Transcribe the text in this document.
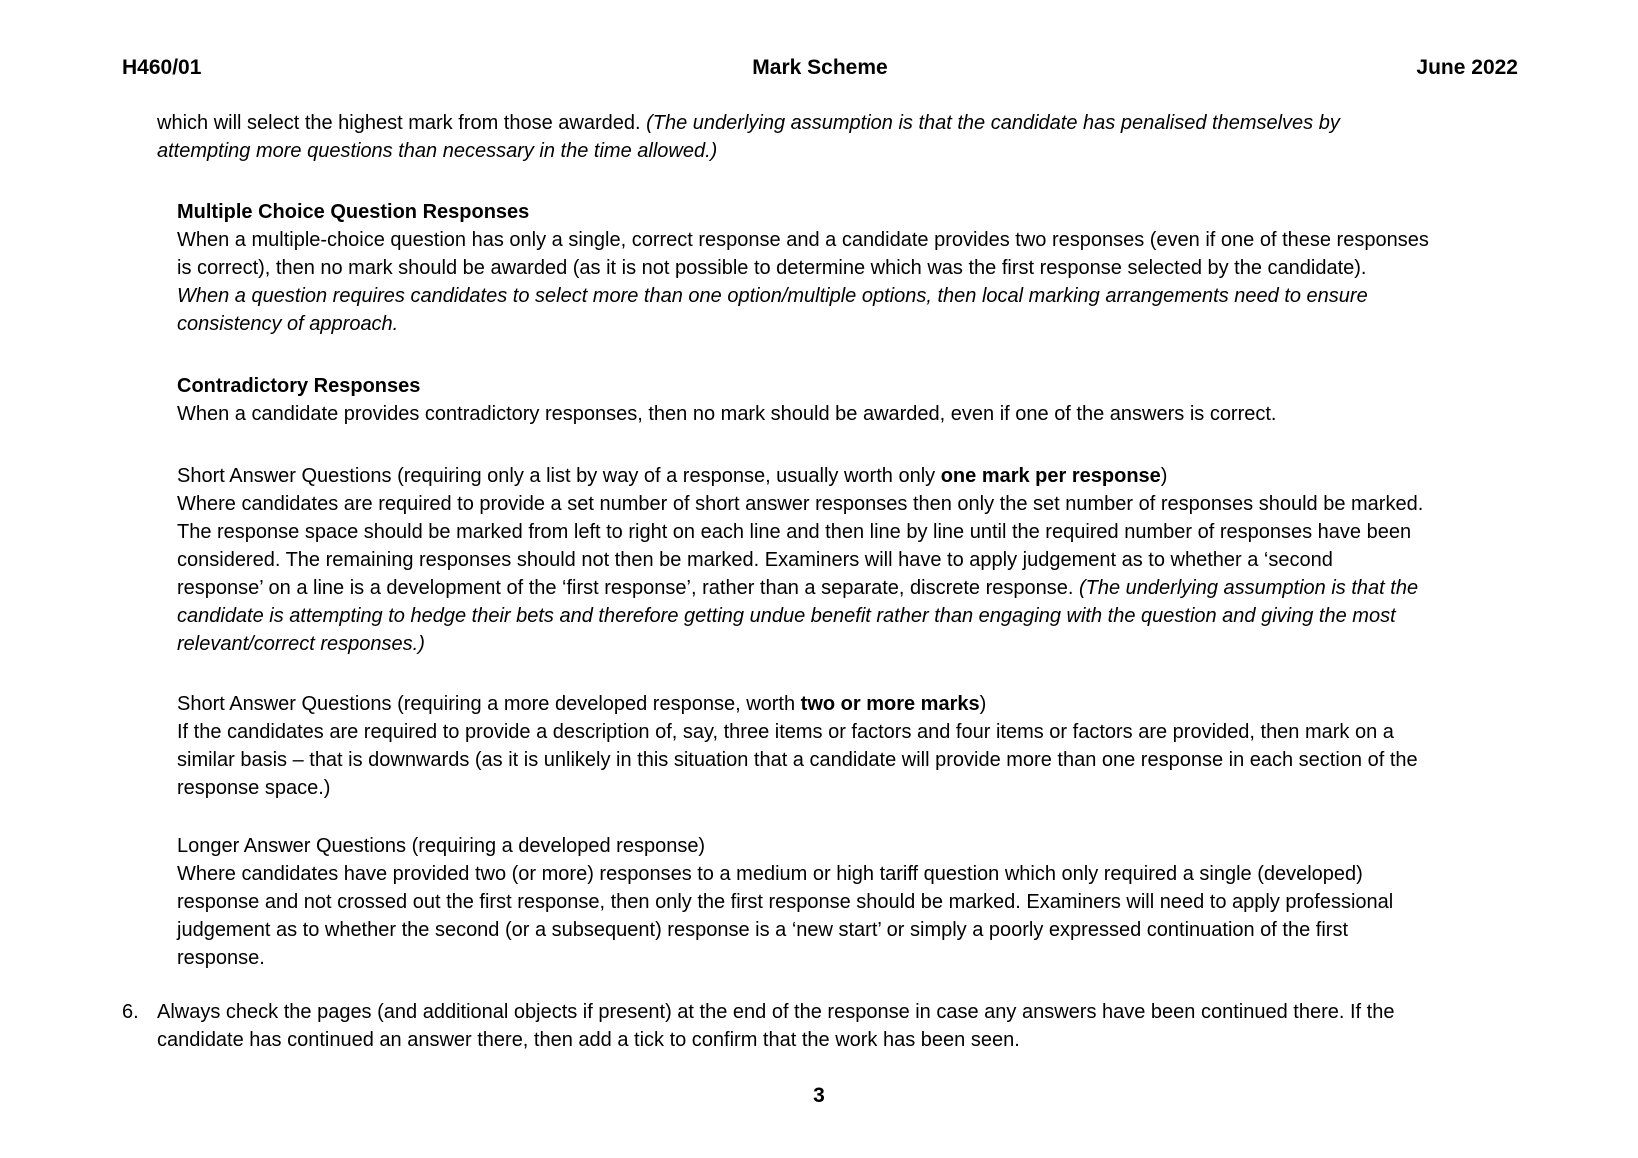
H460/01	Mark Scheme	June 2022
which will select the highest mark from those awarded. (The underlying assumption is that the candidate has penalised themselves by
attempting more questions than necessary in the time allowed.)
Multiple Choice Question Responses
When a multiple-choice question has only a single, correct response and a candidate provides two responses (even if one of these responses
is correct), then no mark should be awarded (as it is not possible to determine which was the first response selected by the candidate).
When a question requires candidates to select more than one option/multiple options, then local marking arrangements need to ensure
consistency of approach.
Contradictory Responses
When a candidate provides contradictory responses, then no mark should be awarded, even if one of the answers is correct.
Short Answer Questions (requiring only a list by way of a response, usually worth only one mark per response)
Where candidates are required to provide a set number of short answer responses then only the set number of responses should be marked.
The response space should be marked from left to right on each line and then line by line until the required number of responses have been
considered. The remaining responses should not then be marked. Examiners will have to apply judgement as to whether a ‘second
response’ on a line is a development of the ‘first response’, rather than a separate, discrete response. (The underlying assumption is that the
candidate is attempting to hedge their bets and therefore getting undue benefit rather than engaging with the question and giving the most
relevant/correct responses.)
Short Answer Questions (requiring a more developed response, worth two or more marks)
If the candidates are required to provide a description of, say, three items or factors and four items or factors are provided, then mark on a
similar basis – that is downwards (as it is unlikely in this situation that a candidate will provide more than one response in each section of the
response space.)
Longer Answer Questions (requiring a developed response)
Where candidates have provided two (or more) responses to a medium or high tariff question which only required a single (developed)
response and not crossed out the first response, then only the first response should be marked. Examiners will need to apply professional
judgement as to whether the second (or a subsequent) response is a ‘new start’ or simply a poorly expressed continuation of the first
response.
6. Always check the pages (and additional objects if present) at the end of the response in case any answers have been continued there. If the
candidate has continued an answer there, then add a tick to confirm that the work has been seen.
3
